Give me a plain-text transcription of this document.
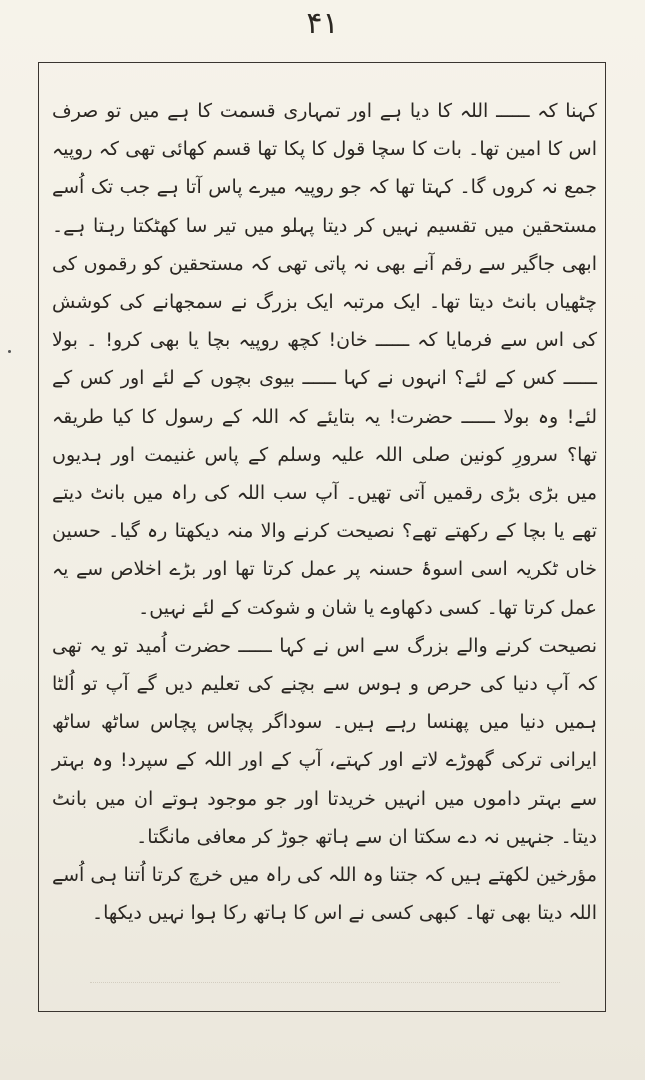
۴۱

کہنا کہ ــــــ اللہ کا دیا ہے اور تمہاری قسمت کا ہے میں تو صرف اس کا امین تھا۔ بات کا سچا قول کا پکا تھا قسم کھائی تھی کہ روپیہ جمع نہ کروں گا۔ کہتا تھا کہ جو روپیہ میرے پاس آتا ہے جب تک اُسے مستحقین میں تقسیم نہیں کر دیتا پہلو میں تیر سا کھٹکتا رہتا ہے۔ ابھی جاگیر سے رقم آنے بھی نہ پاتی تھی کہ مستحقین کو رقموں کی چٹھیاں بانٹ دیتا تھا۔ ایک مرتبہ ایک بزرگ نے سمجھانے کی کوشش کی اس سے فرمایا کہ ــــــ خان! کچھ روپیہ بچا یا بھی کرو! ۔ بولا ــــــ کس کے لئے؟ انہوں نے کہا ــــــ بیوی بچوں کے لئے اور کس کے لئے! وہ بولا ــــــ حضرت! یہ بتایئے کہ اللہ کے رسول کا کیا طریقہ تھا؟ سرورِ کونین صلی اللہ علیہ وسلم کے پاس غنیمت اور ہدیوں میں بڑی بڑی رقمیں آتی تھیں۔ آپ سب اللہ کی راہ میں بانٹ دیتے تھے یا بچا کے رکھتے تھے؟ نصیحت کرنے والا منہ دیکھتا رہ گیا۔ حسین خاں ٹکریہ اسی اسوۂ حسنہ پر عمل کرتا تھا اور بڑے اخلاص سے یہ عمل کرتا تھا۔ کسی دکھاوے یا شان و شوکت کے لئے نہیں۔

نصیحت کرنے والے بزرگ سے اس نے کہا ــــــ حضرت اُمید تو یہ تھی کہ آپ دنیا کی حرص و ہوس سے بچنے کی تعلیم دیں گے آپ تو اُلٹا ہمیں دنیا میں پھنسا رہے ہیں۔ سوداگر پچاس پچاس ساٹھ ساٹھ ایرانی ترکی گھوڑے لاتے اور کہتے، آپ کے اور اللہ کے سپرد! وہ بہتر سے بہتر داموں میں انہیں خریدتا اور جو موجود ہوتے ان میں بانٹ دیتا۔ جنہیں نہ دے سکتا ان سے ہاتھ جوڑ کر معافی مانگتا۔

مؤرخین لکھتے ہیں کہ جتنا وہ اللہ کی راہ میں خرچ کرتا اُتنا ہی اُسے اللہ دیتا بھی تھا۔ کبھی کسی نے اس کا ہاتھ رکا ہوا نہیں دیکھا۔
